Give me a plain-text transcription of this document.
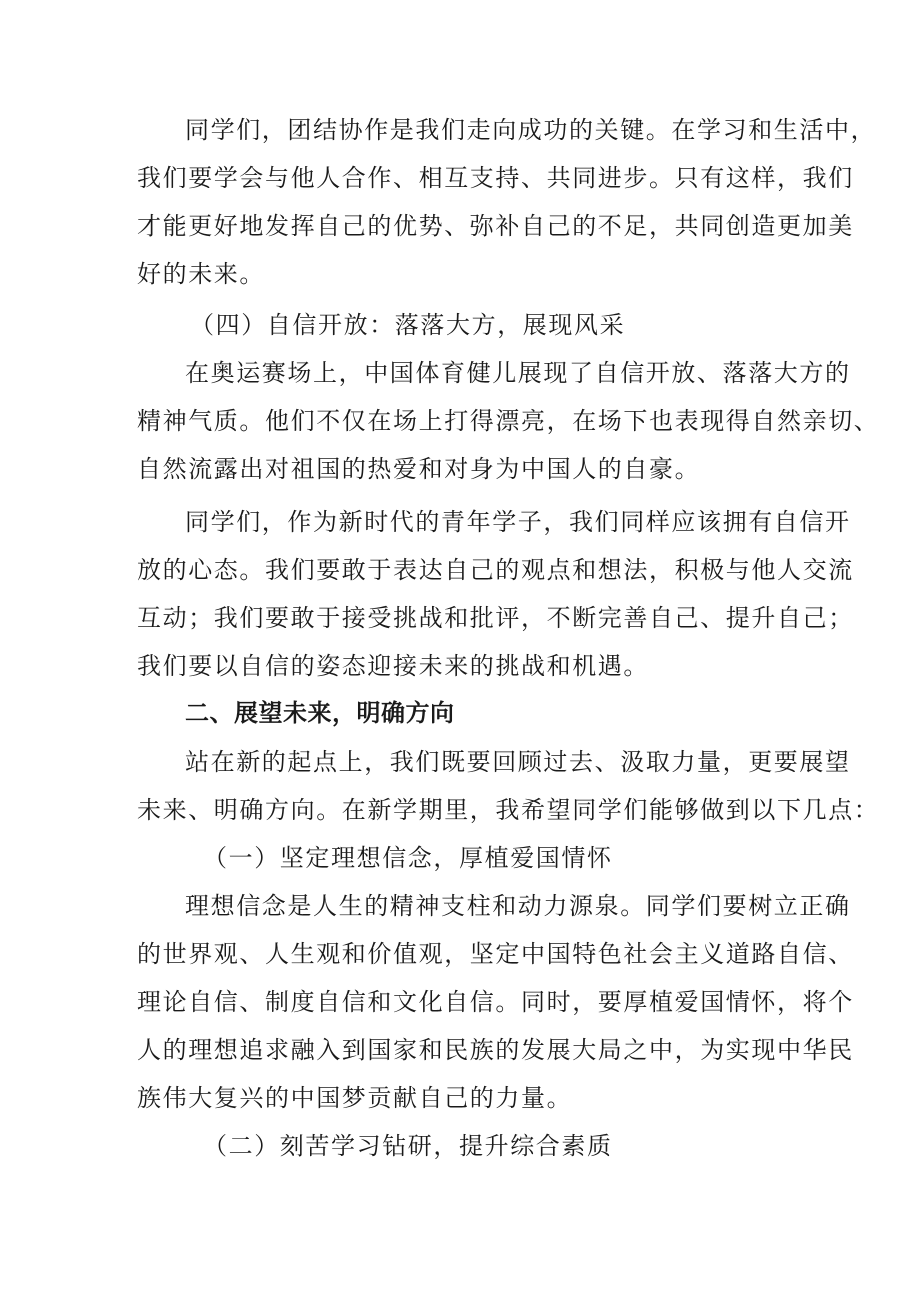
同学们，团结协作是我们走向成功的关键。在学习和生活中，
我们要学会与他人合作、相互支持、共同进步。只有这样，我们
才能更好地发挥自己的优势、弥补自己的不足，共同创造更加美
好的未来。
（四）自信开放：落落大方，展现风采
在奥运赛场上，中国体育健儿展现了自信开放、落落大方的
精神气质。他们不仅在场上打得漂亮，在场下也表现得自然亲切、
自然流露出对祖国的热爱和对身为中国人的自豪。
同学们，作为新时代的青年学子，我们同样应该拥有自信开
放的心态。我们要敢于表达自己的观点和想法，积极与他人交流
互动；我们要敢于接受挑战和批评，不断完善自己、提升自己；
我们要以自信的姿态迎接未来的挑战和机遇。
二、展望未来，明确方向
站在新的起点上，我们既要回顾过去、汲取力量，更要展望
未来、明确方向。在新学期里，我希望同学们能够做到以下几点：
（一）坚定理想信念，厚植爱国情怀
理想信念是人生的精神支柱和动力源泉。同学们要树立正确
的世界观、人生观和价值观，坚定中国特色社会主义道路自信、
理论自信、制度自信和文化自信。同时，要厚植爱国情怀，将个
人的理想追求融入到国家和民族的发展大局之中，为实现中华民
族伟大复兴的中国梦贡献自己的力量。
（二）刻苦学习钻研，提升综合素质
